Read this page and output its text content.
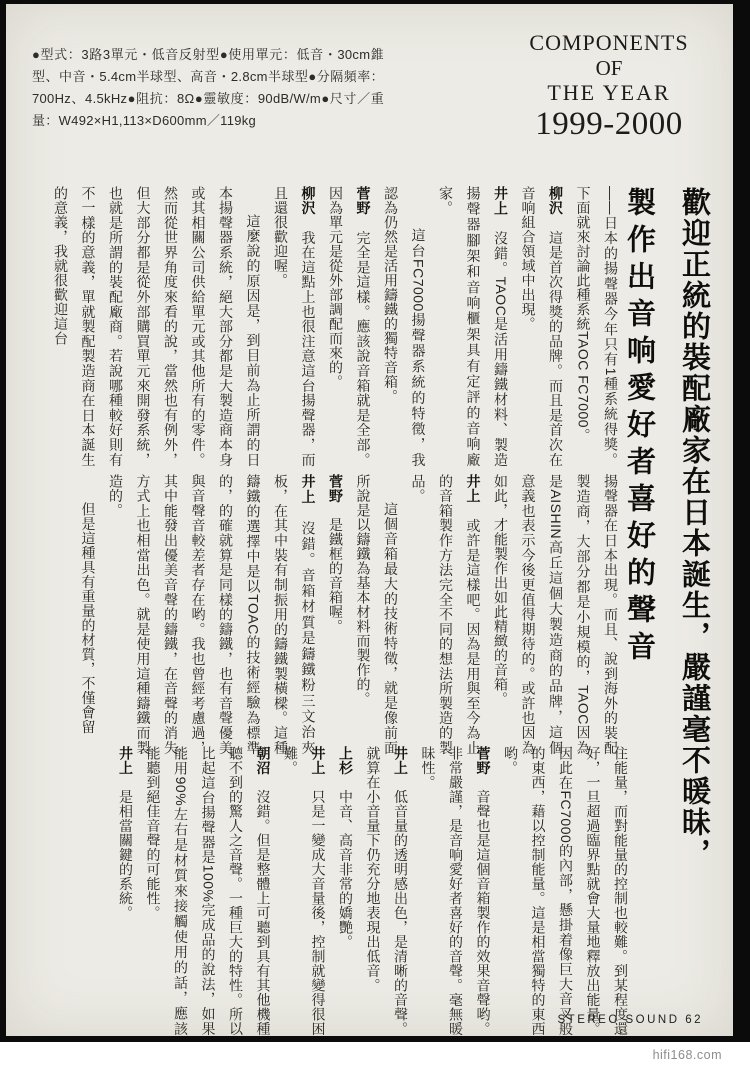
●型式：3路3單元・低音反射型●使用單元：低音・30cm錐型、中音・5.4cm半球型、高音・2.8cm半球型●分隔頻率：700Hz、4.5kHz●阻抗：8Ω●靈敏度：90dB/W/m●尺寸／重量：W492×H1,113×D600mm／119kg
COMPONENTS
OF
THE YEAR
1999-2000
歡迎正統的裝配廠家在日本誕生，嚴謹毫不暖昧，
製作出音响愛好者喜好的聲音

——日本的揚聲器今年只有1種系統得獎。下面就來討論此種系統TAOC FC7000。

柳沢　這是首次得獎的品牌。而且是首次在音响組合領域中出現。

井上　沒錯。TAOC是活用鑄鐵材料、製造揚聲器腳架和音响櫃架具有定評的音响廠家。

這台FC7000揚聲器系統的特徵，我認為仍然是活用鑄鐵的獨特音箱。

菅野　完全是這樣。應該說音箱就是全部。因為單元是從外部調配而來的。

柳沢　我在這點上也很注意這台揚聲器，而且還很歡迎喔。

這麼說的原因是，到目前為止所謂的日本揚聲器系統，絕大部分都是大製造商本身或其相關公司供給單元或其他所有的零件。然而從世界角度來看的說，當然也有例外，但大部分都是從外部購買單元來開發系統，也就是所謂的裝配廠商。若說哪種較好則有不一樣的意義，單就製配製造商在日本誕生的意義，我就很歡迎這台

揚聲器在日本出現。而且、說到海外的裝配製造商，大部分都是小規模的，TAOC因為是AISHIN高丘這個大製造商的品牌，這個意義也表示今後更值得期待的。或許也因為如此，才能製作出如此精緻的音箱。

井上　或許是這樣吧。因為是用與至今為止的音箱製作方法完全不同的想法所製造的製品。

這個音箱最大的技術特徵，就是像前面所說是以鑄鐵為基本材料而製作的。

菅野　是鐵框的音箱喔。

井上　沒錯。音箱材質是鑄鐵粉三文治夾板，在其中裝有制振用的鑄鐵製橫樑。這種鑄鐵的選擇中是以TOAC的技術經驗為標準的，的確就算是同樣的鑄鐵，也有音聲優美與音聲音較差者存在哟。我也曾經考慮過，其中能發出優美音聲的鑄鐵，在音聲的消失方式上也相當出色。就是使用這種鑄鐵而製造的。

但是這種具有重量的材質，不僅會留

住能量，而對能量的控制也較難。到某程度還好，一旦超過臨界點就會大量地釋放出能量。因此在FC7000的內部，懸掛着像巨大音叉般的東西，藉以控制能量。這是相當獨特的東西哟。

菅野　音聲也是這個音箱製作的效果音聲哟。非常嚴謹，是音响愛好者喜好的音聲。毫無暖昧性。

井上　低音量的透明感出色，是清晰的音聲。就算在小音量下仍充分地表現出低音。

上杉　中音、高音非常的嬌艷。

井上　只是一變成大音量後，控制就變得很困難。

朝沼　沒錯。但是整體上可聽到具有其他機種聽不到的驚人之音聲。一種巨大的特性。所以比起這台揚聲器是100%完成品的說法，如果能用90%左右是材質來接觸使用的話，應該能聽到絕佳音聲的可能性。

井上　是相當關鍵的系統。

STEREO SOUND 62
hifi168.com
